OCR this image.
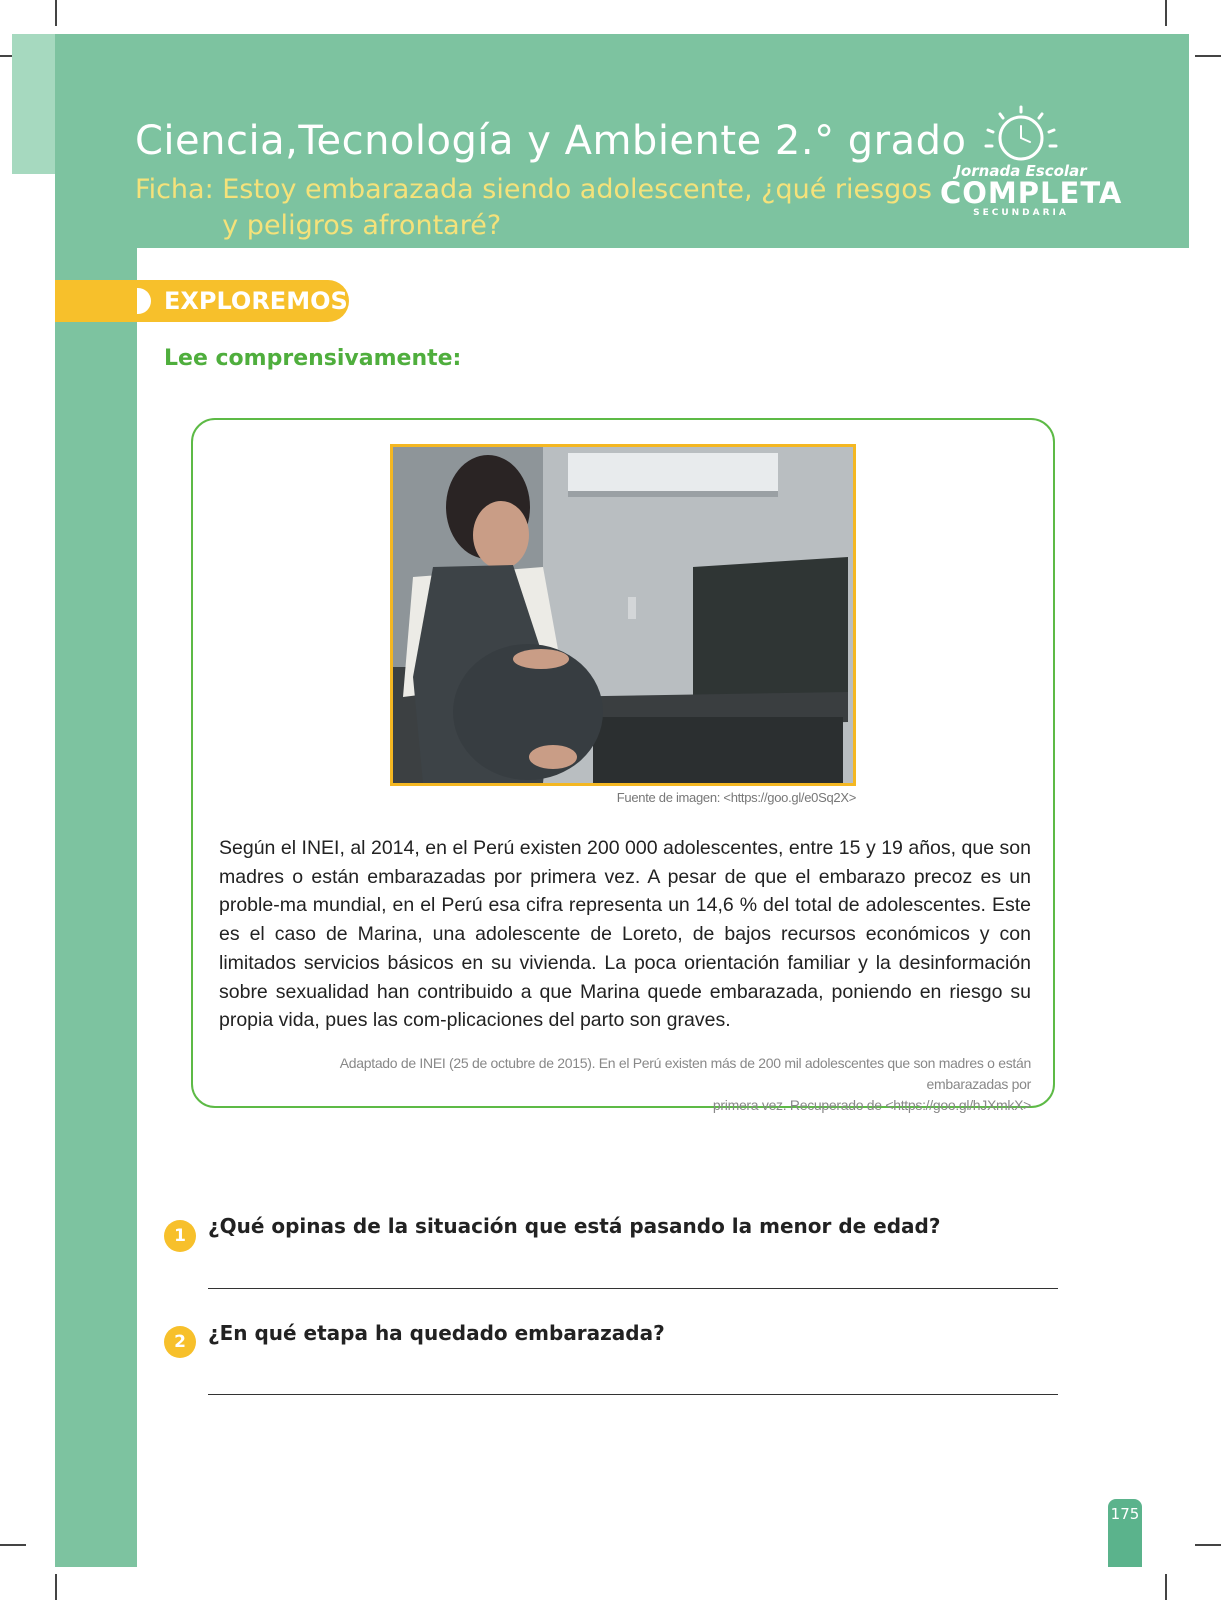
Ciencia,Tecnología y Ambiente 2.° grado
Ficha: Estoy embarazada siendo adolescente, ¿qué riesgos y peligros afrontaré?
Jornada Escolar
COMPLETA
SECUNDARIA
EXPLOREMOS
Lee comprensivamente:
Fuente de imagen: <https://goo.gl/e0Sq2X>

Según el INEI, al 2014, en el Perú existen 200 000 adolescentes, entre 15 y 19 años, que son madres o están embarazadas por primera vez. A pesar de que el embarazo precoz es un proble-ma mundial, en el Perú esa cifra representa un 14,6 % del total de adolescentes. Este es el caso de Marina, una adolescente de Loreto, de bajos recursos económicos y con limitados servicios básicos en su vivienda. La poca orientación familiar y la desinformación sobre sexualidad han contribuido a que Marina quede embarazada, poniendo en riesgo su propia vida, pues las com-plicaciones del parto son graves.

Adaptado de INEI (25 de octubre de 2015). En el Perú existen más de 200 mil adolescentes que son madres o están embarazadas por
primera vez. Recuperado de <https://goo.gl/hJXmkX>
1	¿Qué opinas de la situación que está pasando la menor de edad?
2	¿En qué etapa ha quedado embarazada?
175
